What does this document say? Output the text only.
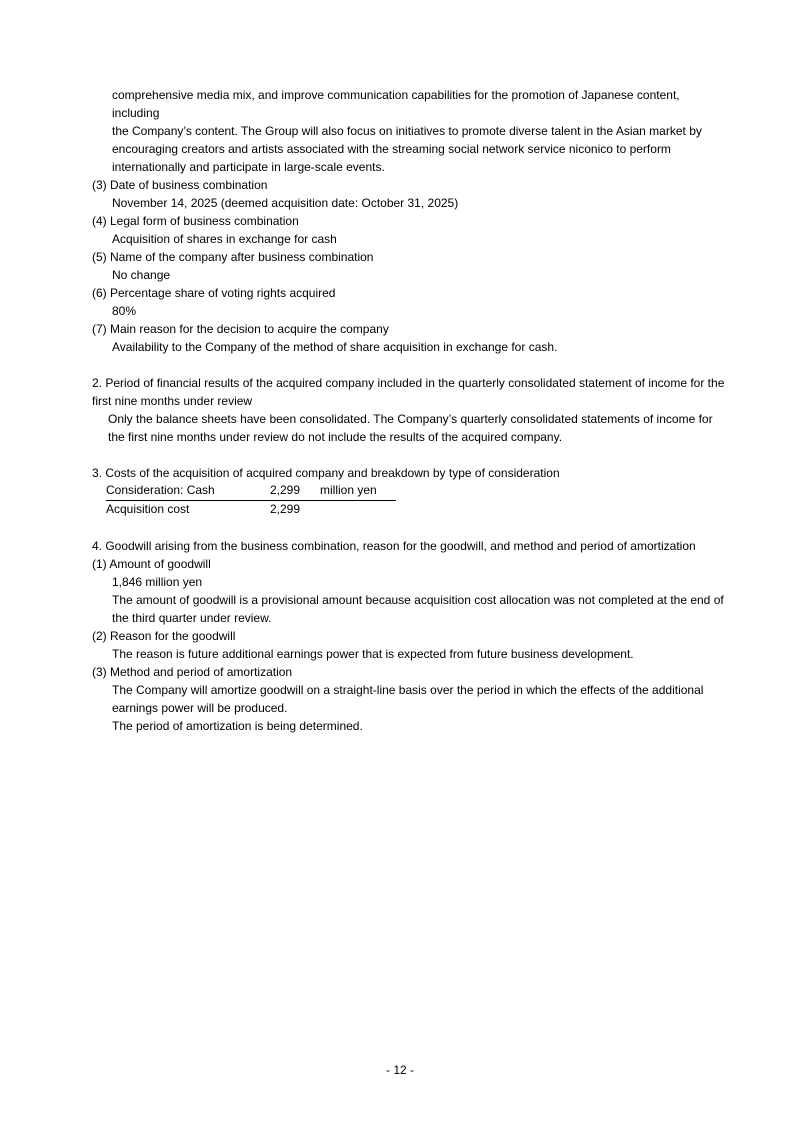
comprehensive media mix, and improve communication capabilities for the promotion of Japanese content, including

the Company’s content. The Group will also focus on initiatives to promote diverse talent in the Asian market by

encouraging creators and artists associated with the streaming social network service niconico to perform

internationally and participate in large-scale events.

(3) Date of business combination

November 14, 2025 (deemed acquisition date: October 31, 2025)

(4) Legal form of business combination

Acquisition of shares in exchange for cash

(5) Name of the company after business combination

No change

(6) Percentage share of voting rights acquired

80%

(7) Main reason for the decision to acquire the company

Availability to the Company of the method of share acquisition in exchange for cash.

2. Period of financial results of the acquired company included in the quarterly consolidated statement of income for the

first nine months under review

Only the balance sheets have been consolidated. The Company’s quarterly consolidated statements of income for

the first nine months under review do not include the results of the acquired company.

3. Costs of the acquisition of acquired company and breakdown by type of consideration

Consideration: Cash	2,299	million yen
Acquisition cost	2,299	

4. Goodwill arising from the business combination, reason for the goodwill, and method and period of amortization

(1) Amount of goodwill

1,846 million yen

The amount of goodwill is a provisional amount because acquisition cost allocation was not completed at the end of

the third quarter under review.

(2) Reason for the goodwill

The reason is future additional earnings power that is expected from future business development.

(3) Method and period of amortization

The Company will amortize goodwill on a straight-line basis over the period in which the effects of the additional

earnings power will be produced.

The period of amortization is being determined.

- 12 -
